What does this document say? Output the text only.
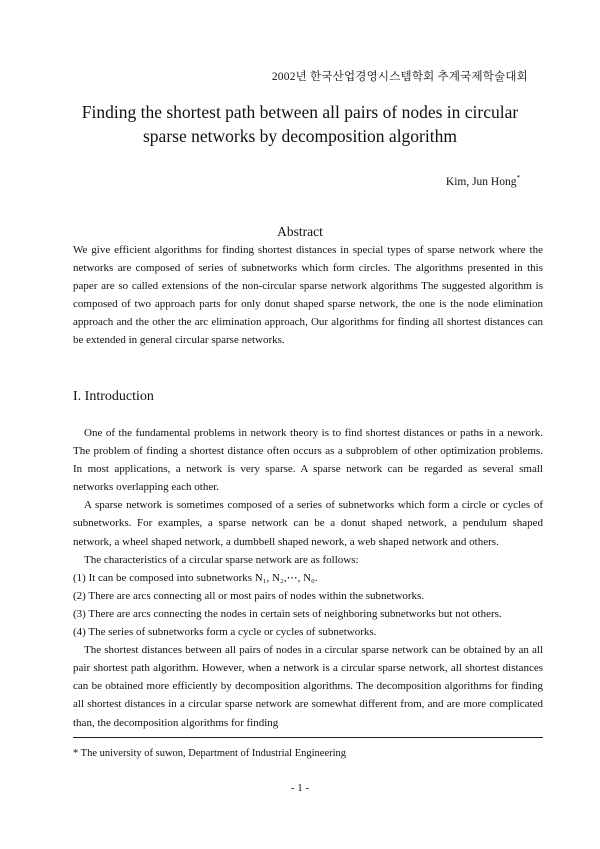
2002년 한국산업경영시스템학회 추계국제학술대회
Finding the shortest path between all pairs of nodes in circular sparse networks by decomposition algorithm
Kim, Jun Hong*
Abstract
We give efficient algorithms for finding shortest distances in special types of sparse network where the networks are composed of series of subnetworks which form circles. The algorithms presented in this paper are so called extensions of the non-circular sparse network algorithms The suggested algorithm is composed of two approach parts for only donut shaped sparse network, the one is the node elimination approach and the other the arc elimination approach, Our algorithms for finding all shortest distances can be extended in general circular sparse networks.
I. Introduction

One of the fundamental problems in network theory is to find shortest distances or paths in a nework. The problem of finding a shortest distance often occurs as a subproblem of other optimization problems. In most applications, a network is very sparse. A sparse network can be regarded as several small networks overlapping each other.

A sparse network is sometimes composed of a series of subnetworks which form a circle or cycles of subnetworks. For examples, a sparse network can be a donut shaped network, a pendulum shaped network, a wheel shaped network, a dumbbell shaped nework, a web shaped network and others.

The characteristics of a circular sparse network are as follows:

(1) It can be composed into subnetworks N₁, N₂,⋯, N₀.

(2) There are arcs connecting all or most pairs of nodes within the subnetworks.

(3) There are arcs connecting the nodes in certain sets of neighboring subnetworks but not others.

(4) The series of subnetworks form a cycle or cycles of subnetworks.

The shortest distances between all pairs of nodes in a circular sparse network can be obtained by an all pair shortest path algorithm. However, when a network is a circular sparse network, all shortest distances can be obtained more efficiently by decomposition algorithms. The decomposition algorithms for finding all shortest distances in a circular sparse network are somewhat different from, and are more complicated than, the decomposition algorithms for finding

* The university of suwon, Department of Industrial Engineering
- 1 -
